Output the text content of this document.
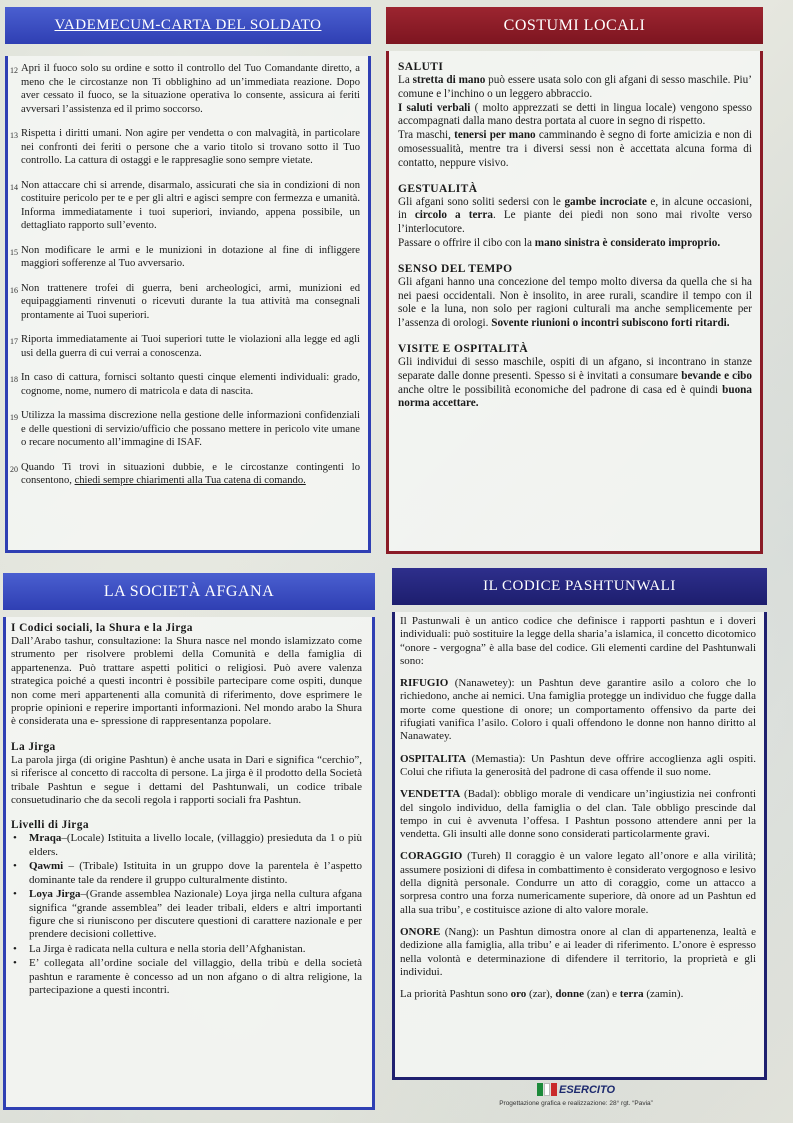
VADEMECUM-CARTA DEL SOLDATO
12 Apri il fuoco solo su ordine e sotto il controllo del Tuo Comandante diretto, a meno che le circostanze non Ti obblighino ad un’immediata reazione. Dopo aver cessato il fuoco, se la situazione operativa lo consente, assicura ai feriti avversari l’assistenza ed il primo soccorso.
13 Rispetta i diritti umani. Non agire per vendetta o con malvagità, in particolare nei confronti dei feriti o persone che a vario titolo si trovano sotto il Tuo controllo. La cattura di ostaggi e le rappresaglie sono sempre vietate.
14 Non attaccare chi si arrende, disarmalo, assicurati che sia in condizioni di non costituire pericolo per te e per gli altri e agisci sempre con fermezza e umanità. Informa immediatamente i tuoi superiori, inviando, appena possibile, un dettagliato rapporto sull’evento.
15 Non modificare le armi e le munizioni in dotazione al fine di infliggere maggiori sofferenze al Tuo avversario.
16 Non trattenere trofei di guerra, beni archeologici, armi, munizioni ed equipaggiamenti rinvenuti o ricevuti durante la tua attività ma consegnali prontamente ai Tuoi superiori.
17 Riporta immediatamente ai Tuoi superiori tutte le violazioni alla legge ed agli usi della guerra di cui verrai a conoscenza.
18 In caso di cattura, fornisci soltanto questi cinque elementi individuali: grado, cognome, nome, numero di matricola e data di nascita.
19 Utilizza la massima discrezione nella gestione delle informazioni confidenziali e delle questioni di servizio/ufficio che possano mettere in pericolo vite umane o recare nocumento all’immagine di ISAF.
20 Quando Ti trovi in situazioni dubbie, e le circostanze contingenti lo consentono, chiedi sempre chiarimenti alla Tua catena di comando.
COSTUMI LOCALI
SALUTI

La stretta di mano può essere usata solo con gli afgani di sesso maschile. Piu’ comune e l’inchino o un leggero abbraccio.

I saluti verbali ( molto apprezzati se detti in lingua locale) vengono spesso accompagnati dalla mano destra portata al cuore in segno di rispetto.

Tra maschi, tenersi per mano camminando è segno di forte amicizia e non di omosessualità, mentre tra i diversi sessi non è accettata alcuna forma di contatto, neppure visivo.

GESTUALITÀ

Gli afgani sono soliti sedersi con le gambe incrociate e, in alcune occasioni, in circolo a terra. Le piante dei piedi non sono mai rivolte verso l’interlocutore.

Passare o offrire il cibo con la mano sinistra è considerato improprio.

SENSO DEL TEMPO

Gli afgani hanno una concezione del tempo molto diversa da quella che si ha nei paesi occidentali. Non è insolito, in aree rurali, scandire il tempo con il sole e la luna, non solo per ragioni culturali ma anche semplicemente per l’assenza di orologi. Sovente riunioni o incontri subiscono forti ritardi.

VISITE E OSPITALITÀ

Gli individui di sesso maschile, ospiti di un afgano, si incontrano in stanze separate dalle donne presenti. Spesso si è invitati a consumare bevande e cibo anche oltre le possibilità economiche del padrone di casa ed è quindi buona norma accettare.

LA SOCIETÀ AFGANA
I Codici sociali, la Shura e la Jirga

Dall’Arabo tashur, consultazione: la Shura nasce nel mondo islamizzato come strumento per risolvere problemi della Comunità e della famiglia di appartenenza. Può trattare aspetti politici o religiosi. Può avere valenza strategica poiché a questi incontri è possibile partecipare come ospiti, dunque non come meri appartenenti alla comunità di riferimento, dove esprimere le proprie opinioni e reperire importanti informazioni. Nel mondo arabo la Shura è considerata una e- spressione di rappresentanza popolare.

La Jirga

La parola jirga (di origine Pashtun) è anche usata in Dari e significa “cerchio”, si riferisce al concetto di raccolta di persone. La jirga è il prodotto della Società tribale Pashtun e segue i dettami del Pashtunwali, un codice tribale consuetudinario che da secoli regola i rapporti sociali fra Pashtun.

Livelli di Jirga
•	Mraqa–(Locale) Istituita a livello locale, (villaggio) presieduta da 1 o più elders.
•	Qawmi – (Tribale) Istituita in un gruppo dove la parentela è l’aspetto dominante tale da rendere il gruppo culturalmente distinto.
•	Loya Jirga–(Grande assemblea Nazionale) Loya jirga nella cultura afgana significa “grande assemblea” dei leader tribali, elders e altri importanti figure che si riuniscono per discutere questioni di carattere nazionale e per prendere decisioni collettive.
•	La Jirga è radicata nella cultura e nella storia dell’Afghanistan.
•	E’ collegata all’ordine sociale del villaggio, della tribù e della società pashtun e raramente è concesso ad un non afgano o di altra religione, la partecipazione a questi incontri.
IL CODICE PASHTUNWALI

Il Pastunwali è un antico codice che definisce i rapporti pashtun e i doveri individuali: può sostituire la legge della sharia’a islamica, il concetto dicotomico “onore - vergogna” è alla base del codice. Gli elementi cardine del Pashtunwali sono:

RIFUGIO (Nanawetey): un Pashtun deve garantire asilo a coloro che lo richiedono, anche ai nemici. Una famiglia protegge un individuo che fugge dalla morte come questione di onore; un comportamento offensivo da parte dei rifugiati vanifica l’asilo. Coloro i quali offendono le donne non hanno diritto al Nanawatey.

OSPITALITA (Memastia): Un Pashtun deve offrire accoglienza agli ospiti. Colui che rifiuta la generosità del padrone di casa offende il suo nome.

VENDETTA (Badal): obbligo morale di vendicare un’ingiustizia nei confronti del singolo individuo, della famiglia o del clan. Tale obbligo prescinde dal tempo in cui è avvenuta l’offesa. I Pashtun possono attendere anni per la vendetta. Gli insulti alle donne sono considerati particolarmente gravi.

CORAGGIO (Tureh) Il coraggio è un valore legato all’onore e alla virilità; assumere posizioni di difesa in combattimento è considerato vergognoso e lesivo della dignità personale. Condurre un atto di coraggio, come un attacco a sorpresa contro una forza numericamente superiore, dà onore ad un Pashtun ed alla sua tribu’, e costituisce azione di alto valore morale.

ONORE (Nang): un Pashtun dimostra onore al clan di appartenenza, lealtà e dedizione alla famiglia, alla tribu’ e ai leader di riferimento. L’onore è espresso nella volontà e determinazione di difendere il territorio, la proprietà e gli individui.

La priorità Pashtun sono oro (zar), donne (zan) e terra (zamin).

ESERCITO
Progettazione grafica e realizzazione: 28° rgt. “Pavia”
